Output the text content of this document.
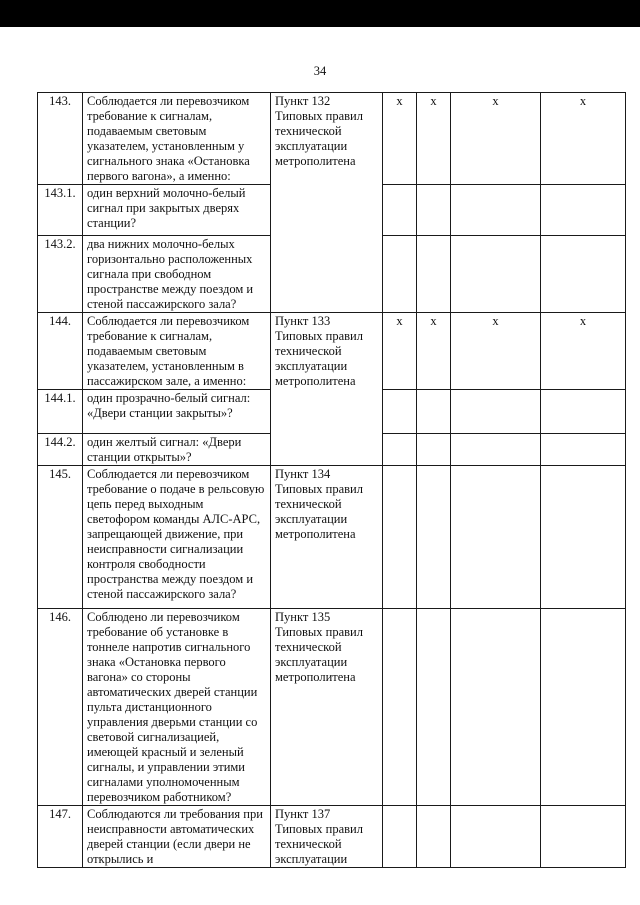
34
143.	Соблюдается ли перевозчиком требование к сигналам, подаваемым световым указателем, установленным у сигнального знака «Остановка первого вагона», а именно:	Пункт 132 Типовых правил технической эксплуатации метрополитена	x	x	x	x
143.1.	один верхний молочно-белый сигнал при закрытых дверях станции?					
143.2.	два нижних молочно-белых горизонтально расположенных сигнала при свободном пространстве между поездом и стеной пассажирского зала?					
144.	Соблюдается ли перевозчиком требование к сигналам, подаваемым световым указателем, установленным в пассажирском зале, а именно:	Пункт 133 Типовых правил технической эксплуатации метрополитена	x	x	x	x
144.1.	один прозрачно-белый сигнал: «Двери станции закрыты»?					
144.2.	один желтый сигнал: «Двери станции открыты»?					
145.	Соблюдается ли перевозчиком требование о подаче в рельсовую цепь перед выходным светофором команды АЛС-АРС, запрещающей движение, при неисправности сигнализации контроля свободности пространства между поездом и стеной пассажирского зала?	Пункт 134 Типовых правил технической эксплуатации метрополитена				
146.	Соблюдено ли перевозчиком требование об установке в тоннеле напротив сигнального знака «Остановка первого вагона» со стороны автоматических дверей станции пульта дистанционного управления дверьми станции со световой сигнализацией, имеющей красный и зеленый сигналы, и управлении этими сигналами уполномоченным перевозчиком работником?	Пункт 135 Типовых правил технической эксплуатации метрополитена				
147.	Соблюдаются ли требования при неисправности автоматических дверей станции (если двери не открылись и	Пункт 137 Типовых правил технической эксплуатации				
